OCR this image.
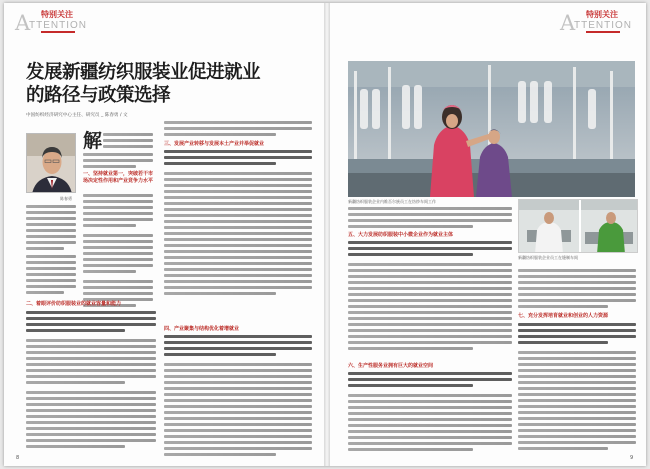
特别关注
A
TTENTION
发展新疆纺织服装业促进就业
的路径与政策选择
中国纺织经济研究中心主任、研究员 _ 陈春勇 / 文
陈春勇
解
一、坚持就业第一，突破若干市场决定性作用和产业竞争力水平
二、着眼评价纺织服装业的就业容量和能力
三、发展产业转移与发展本土产业并举促就业
四、产业聚集与结构优化着增就业
8
特别关注
A
TTENTION
新疆纺织服装企业内维吾尔族员工在纺纱车间工作
新疆纺织服装企业员工在缝制车间
五、大力发展纺织服装中小微企业作为就业主体
六、生产性服务业拥有巨大的就业空间
七、充分发挥培育就业和创业的人力资源
9
